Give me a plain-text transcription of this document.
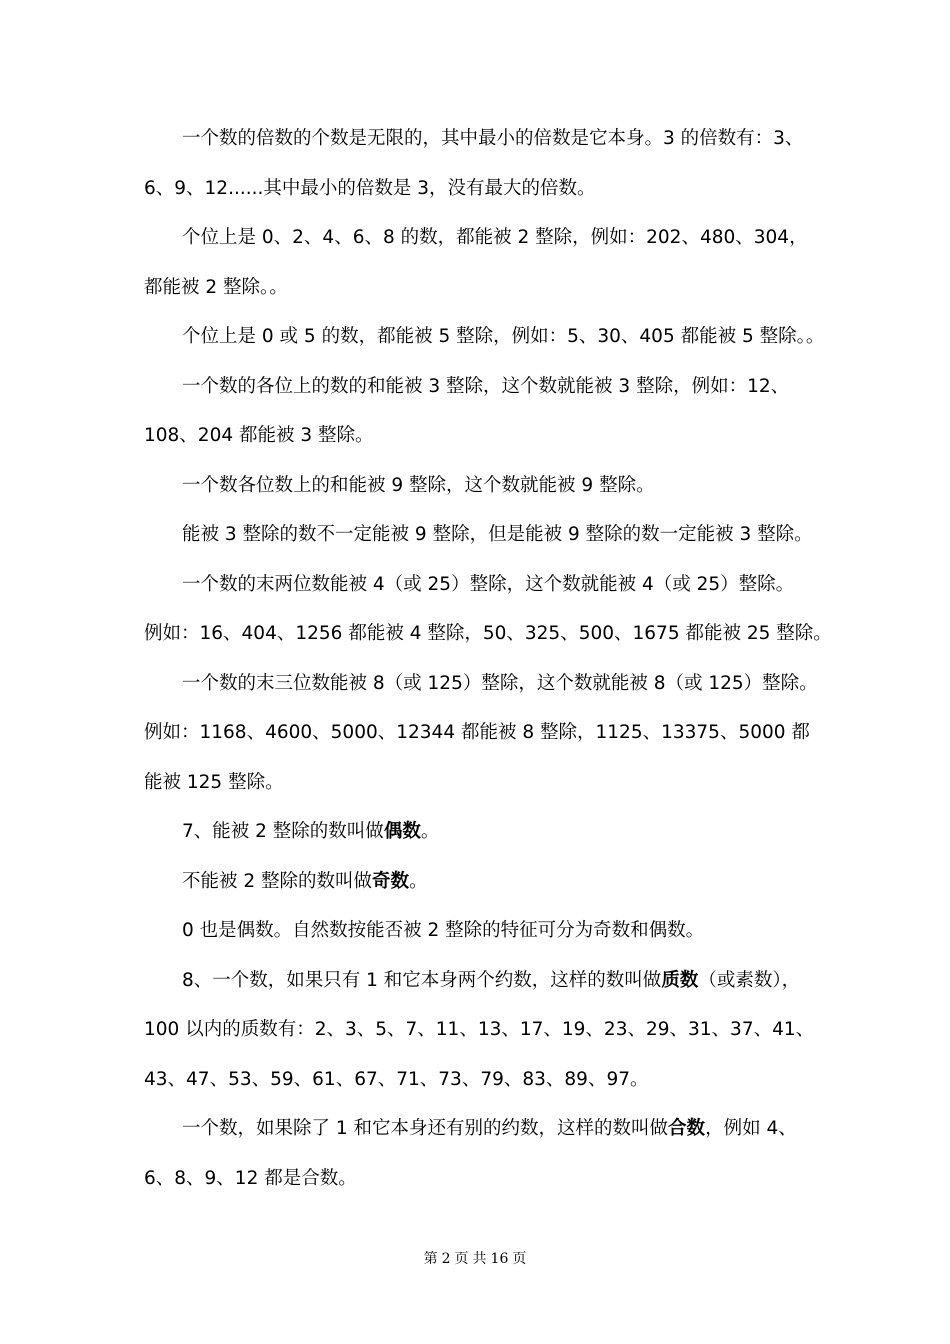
一个数的倍数的个数是无限的，其中最小的倍数是它本身。3 的倍数有：3、
6、9、12......其中最小的倍数是 3，没有最大的倍数。
个位上是 0、2、4、6、8 的数，都能被 2 整除，例如：202、480、304，
都能被 2 整除。。
个位上是 0 或 5 的数，都能被 5 整除，例如：5、30、405 都能被 5 整除。。
一个数的各位上的数的和能被 3 整除，这个数就能被 3 整除，例如：12、
108、204 都能被 3 整除。
一个数各位数上的和能被 9 整除，这个数就能被 9 整除。
能被 3 整除的数不一定能被 9 整除，但是能被 9 整除的数一定能被 3 整除。
一个数的末两位数能被 4（或 25）整除，这个数就能被 4（或 25）整除。
例如：16、404、1256 都能被 4 整除，50、325、500、1675 都能被 25 整除。
一个数的末三位数能被 8（或 125）整除，这个数就能被 8（或 125）整除。
例如：1168、4600、5000、12344 都能被 8 整除，1125、13375、5000 都
能被 125 整除。
7、能被 2 整除的数叫做偶数。
不能被 2 整除的数叫做奇数。
0 也是偶数。自然数按能否被 2 整除的特征可分为奇数和偶数。
8、一个数，如果只有 1 和它本身两个约数，这样的数叫做质数（或素数），
100 以内的质数有：2、3、5、7、11、13、17、19、23、29、31、37、41、
43、47、53、59、61、67、71、73、79、83、89、97。
一个数，如果除了 1 和它本身还有别的约数，这样的数叫做合数，例如 4、
6、8、9、12 都是合数。
第 2 页 共 16 页
